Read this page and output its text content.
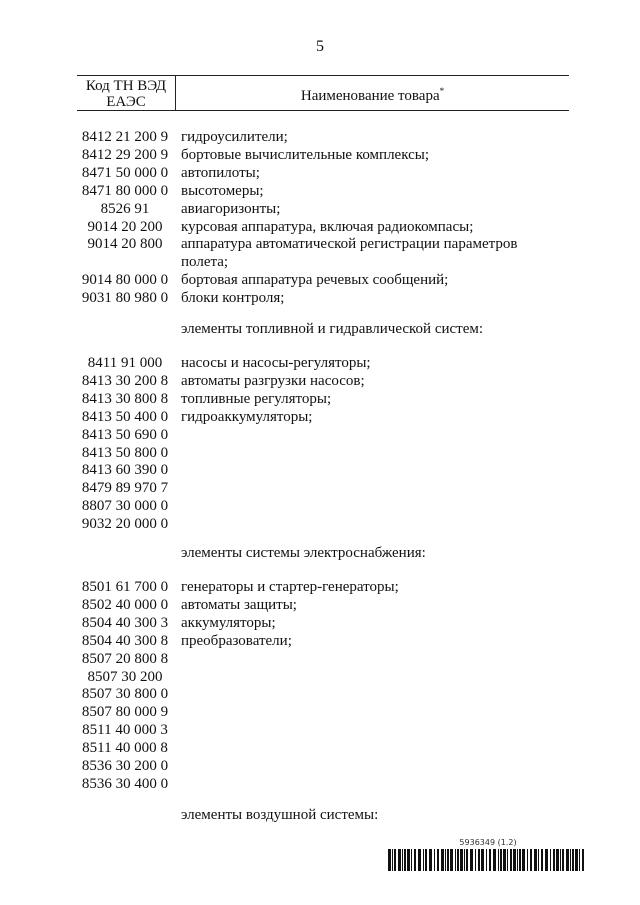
5
Код ТН ВЭД
ЕАЭС	Наименование товара*
8412 21 200 9 гидроусилители;
8412 29 200 9 бортовые вычислительные комплексы;
8471 50 000 0 автопилоты;
8471 80 000 0 высотомеры;
8526 91	авиагоризонты;
9014 20 200	курсовая аппаратура, включая радиокомпасы;
9014 20 800	аппаратура автоматической регистрации параметров
полета;
9014 80 000 0 бортовая аппаратура речевых сообщений;
9031 80 980 0 блоки контроля;
элементы топливной и гидравлической систем:
8411 91 000	насосы и насосы-регуляторы;
8413 30 200 8 автоматы разгрузки насосов;
8413 30 800 8 топливные регуляторы;
8413 50 400 0 гидроаккумуляторы;
8413 50 690 0
8413 50 800 0
8413 60 390 0
8479 89 970 7
8807 30 000 0
9032 20 000 0
элементы системы электроснабжения:
8501 61 700 0 генераторы и стартер-генераторы;
8502 40 000 0 автоматы защиты;
8504 40 300 3 аккумуляторы;
8504 40 300 8 преобразователи;
8507 20 800 8
8507 30 200
8507 30 800 0
8507 80 000 9
8511 40 000 3
8511 40 000 8
8536 30 200 0
8536 30 400 0
элементы воздушной системы:
5936349 (1.2)
